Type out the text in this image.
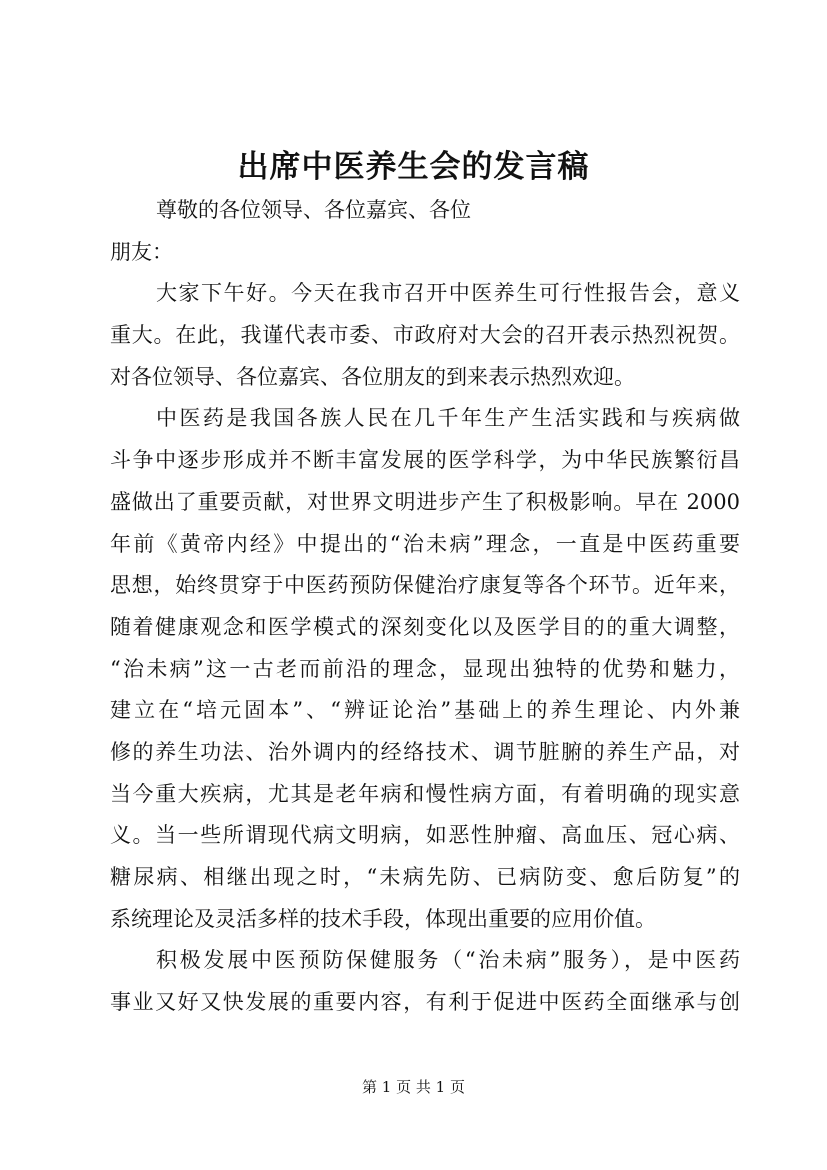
出席中医养生会的发言稿
尊敬的各位领导、各位嘉宾、各位
朋友：
大家下午好。今天在我市召开中医养生可行性报告会，意义
重大。在此，我谨代表市委、市政府对大会的召开表示热烈祝贺。
对各位领导、各位嘉宾、各位朋友的到来表示热烈欢迎。
中医药是我国各族人民在几千年生产生活实践和与疾病做
斗争中逐步形成并不断丰富发展的医学科学，为中华民族繁衍昌
盛做出了重要贡献，对世界文明进步产生了积极影响。早在 2000
年前《黄帝内经》中提出的“治未病”理念，一直是中医药重要
思想，始终贯穿于中医药预防保健治疗康复等各个环节。近年来，
随着健康观念和医学模式的深刻变化以及医学目的的重大调整，
“治未病”这一古老而前沿的理念，显现出独特的优势和魅力，
建立在“培元固本”、“辨证论治”基础上的养生理论、内外兼
修的养生功法、治外调内的经络技术、调节脏腑的养生产品，对
当今重大疾病，尤其是老年病和慢性病方面，有着明确的现实意
义。当一些所谓现代病文明病，如恶性肿瘤、高血压、冠心病、
糖尿病、相继出现之时，“未病先防、已病防变、愈后防复”的
系统理论及灵活多样的技术手段，体现出重要的应用价值。
积极发展中医预防保健服务（“治未病”服务），是中医药
事业又好又快发展的重要内容，有利于促进中医药全面继承与创
第 1 页 共 1 页
